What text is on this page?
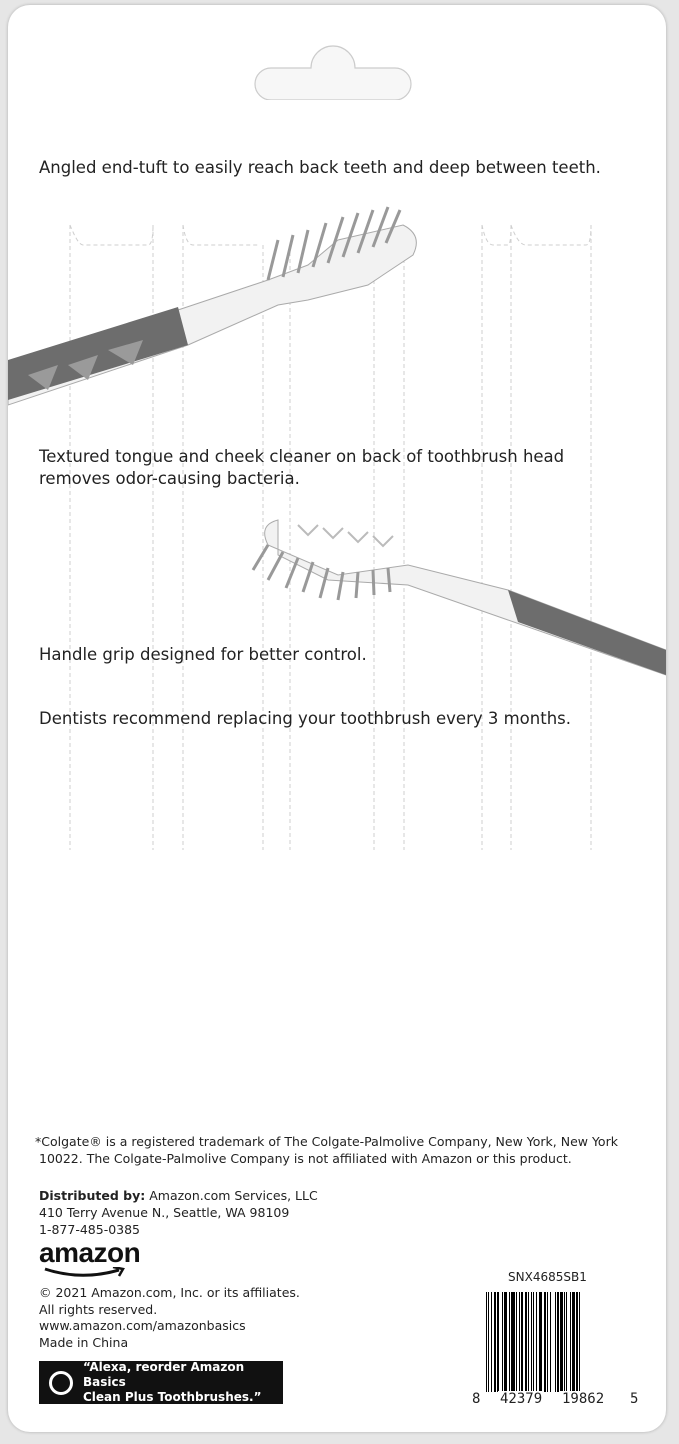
Angled end-tuft to easily reach back teeth and deep between teeth.
Textured tongue and cheek cleaner on back of toothbrush head removes odor-causing bacteria.
Handle grip designed for better control.
Dentists recommend replacing your toothbrush every 3 months.
*Colgate® is a registered trademark of The Colgate-Palmolive Company, New York, New York
10022. The Colgate-Palmolive Company is not affiliated with Amazon or this product.
Distributed by: Amazon.com Services, LLC
410 Terry Avenue N., Seattle, WA 98109
1-877-485-0385
amazon
© 2021 Amazon.com, Inc. or its affiliates.
All rights reserved.
www.amazon.com/amazonbasics
Made in China
“Alexa, reorder Amazon Basics
Clean Plus Toothbrushes.”
SNX4685SB1
8 42379 19862 5
